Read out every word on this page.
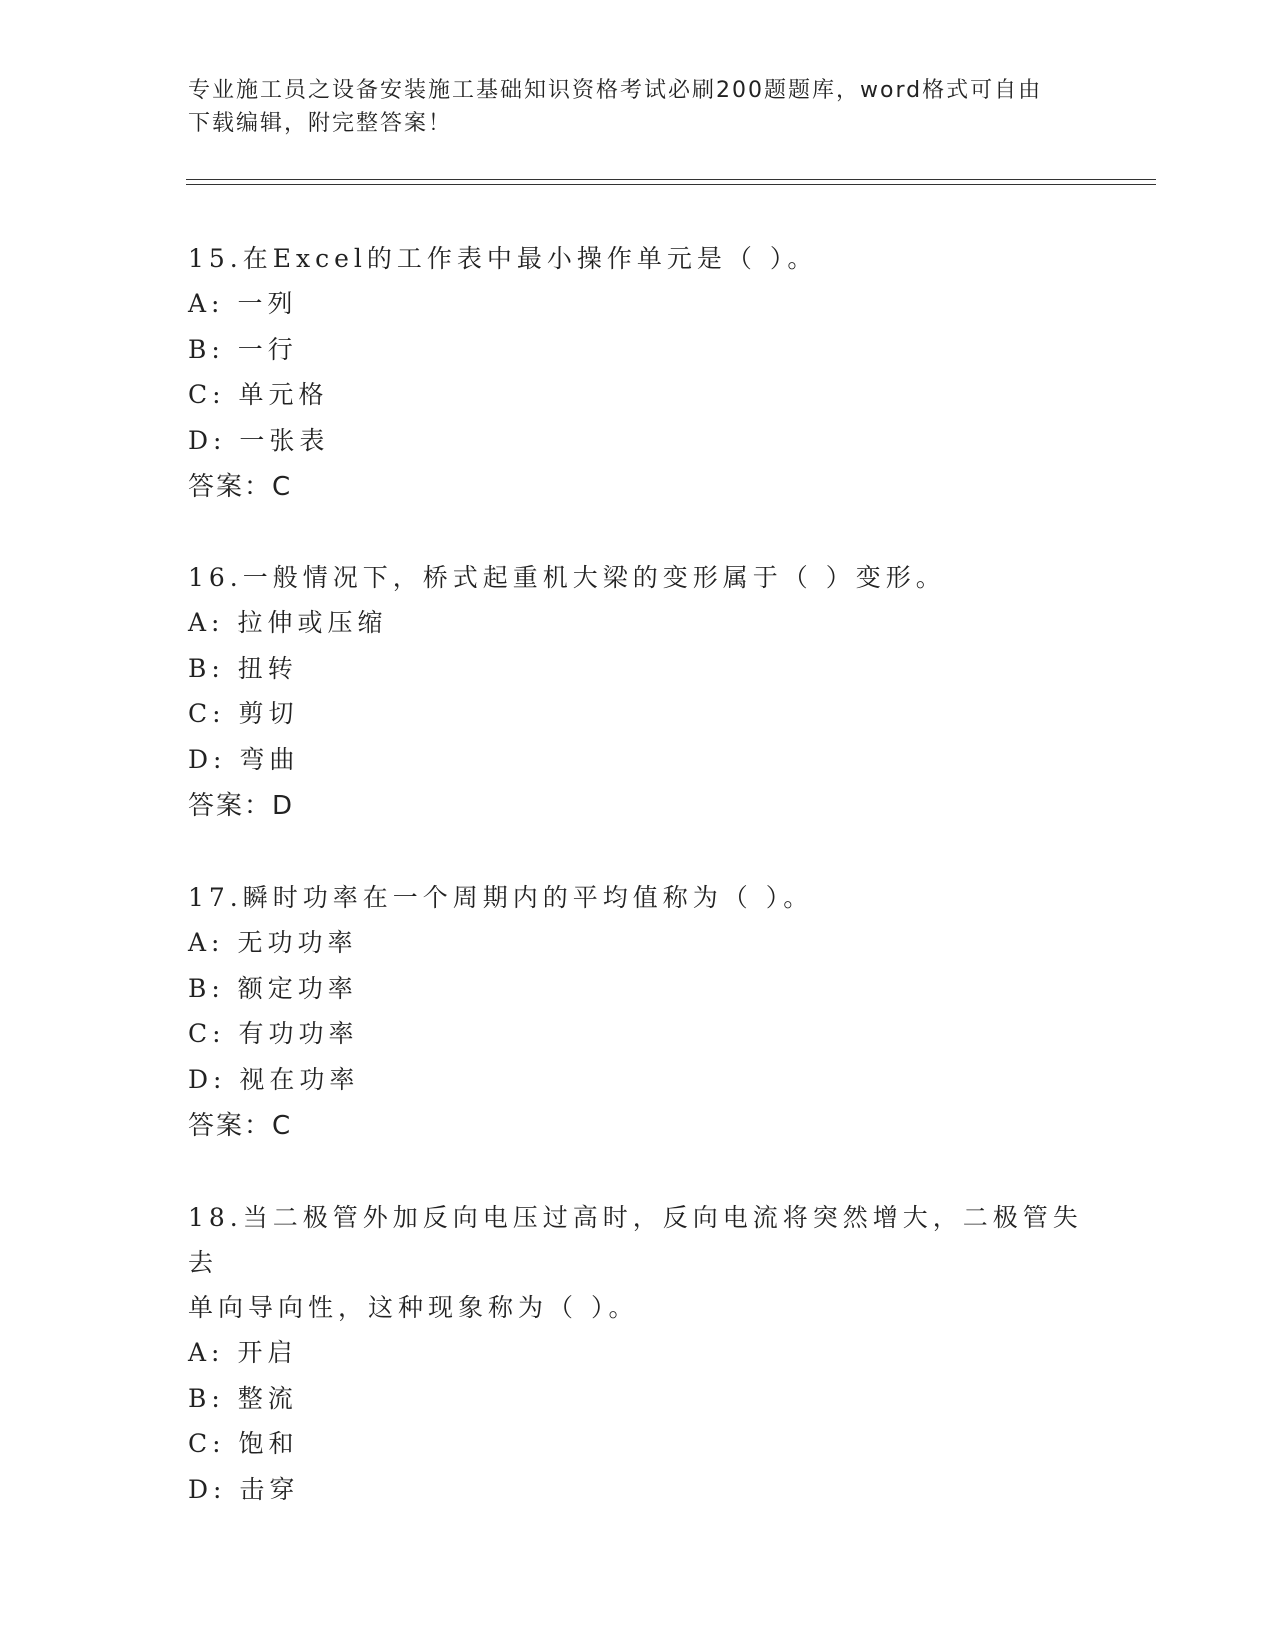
专业施工员之设备安装施工基础知识资格考试必刷200题题库，word格式可自由
下载编辑，附完整答案！
15.在Excel的工作表中最小操作单元是（ ）。
A: 一列
B: 一行
C: 单元格
D: 一张表
答案：C
16.一般情况下，桥式起重机大梁的变形属于（ ）变形。
A: 拉伸或压缩
B: 扭转
C: 剪切
D: 弯曲
答案：D
17.瞬时功率在一个周期内的平均值称为（ ）。
A: 无功功率
B: 额定功率
C: 有功功率
D: 视在功率
答案：C
18.当二极管外加反向电压过高时，反向电流将突然增大，二极管失去
单向导向性，这种现象称为（ ）。
A: 开启
B: 整流
C: 饱和
D: 击穿
